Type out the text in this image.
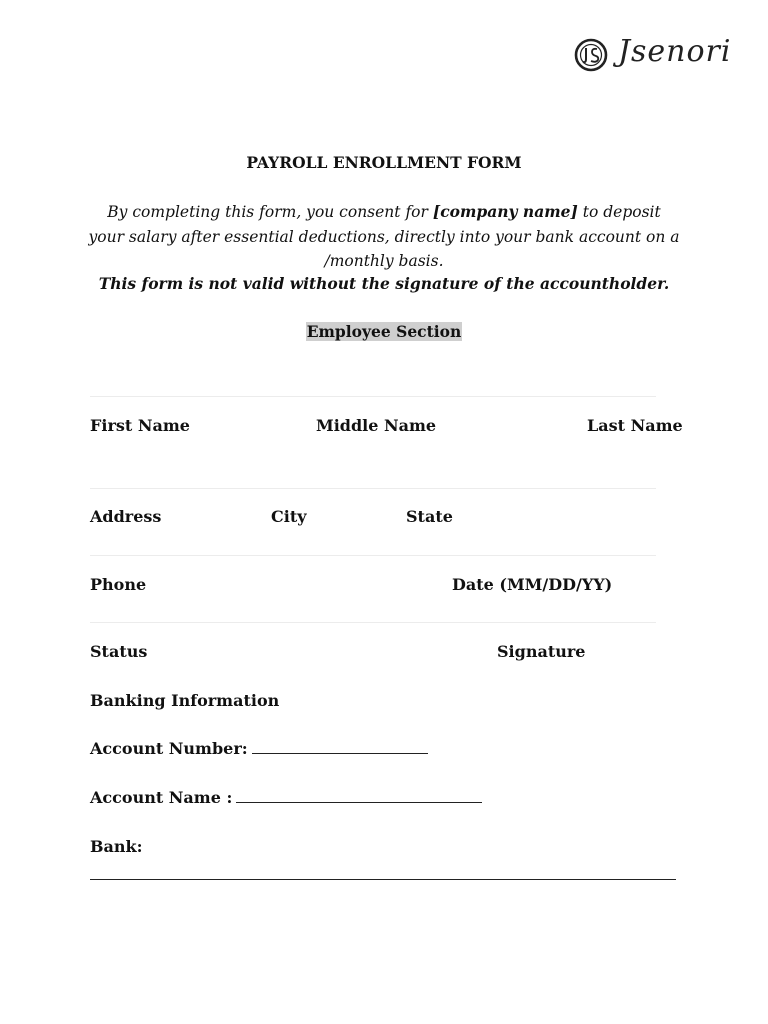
Jsenori
PAYROLL ENROLLMENT FORM
By completing this form, you consent for [company name] to deposit your salary after essential deductions, directly into your bank account on a /monthly basis.
This form is not valid without the signature of the accountholder.
Employee Section
First Name	Middle Name	Last Name
Address	City	State
Phone	Date (MM/DD/YY)
Status	Signature
Banking Information
Account Number:
Account Name :
Bank:
